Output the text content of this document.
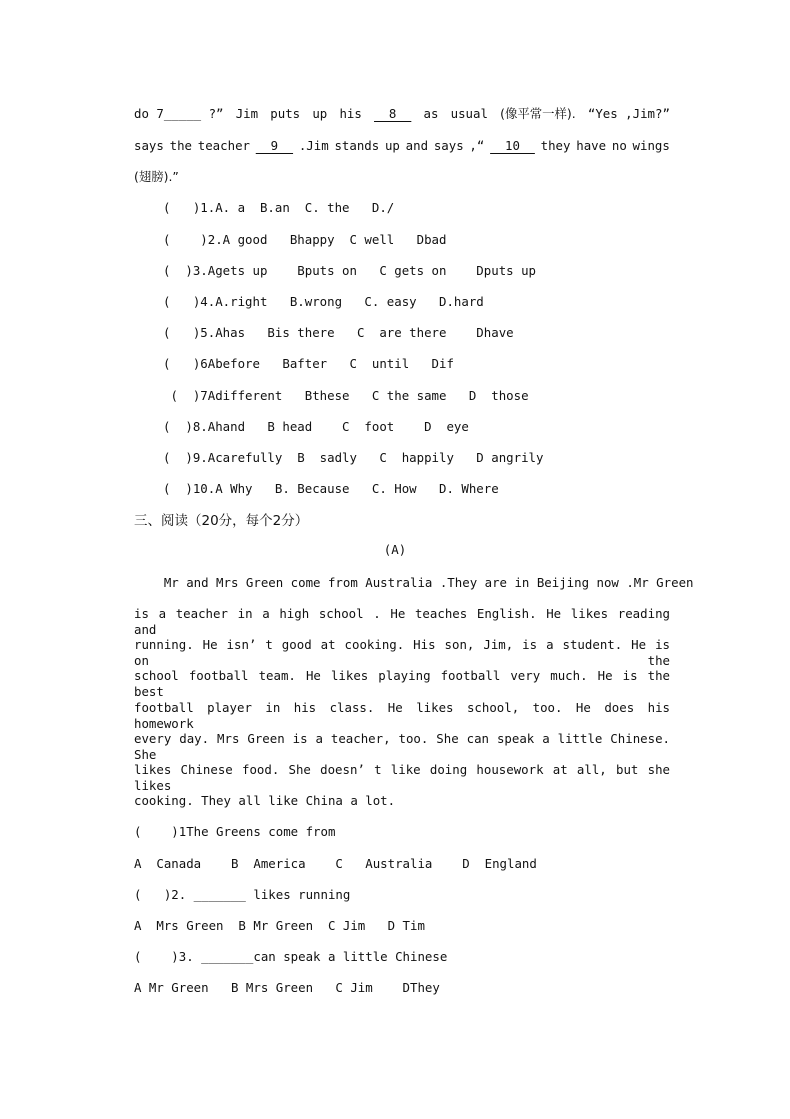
do 7_____ ?” Jim puts up his 8 as usual (像平常一样). “Yes ,Jim?”
says the teacher 9 .Jim stands up and says ,“ 10 they have no wings
(翅膀).”
(   )1.A. a  B.an  C. the   D./
(    )2.A good   Bhappy  C well   Dbad
(  )3.Agets up    Bputs on   C gets on    Dputs up
(   )4.A.right   B.wrong   C. easy   D.hard
(   )5.Ahas   Bis there   C  are there    Dhave
(   )6Abefore   Bafter   C  until   Dif
(  )7Adifferent   Bthese   C the same   D  those
(  )8.Ahand   B head    C  foot    D  eye
(  )9.Acarefully  B  sadly   C  happily   D angrily
(  )10.A Why   B. Because   C. How   D. Where
三、阅读（20分，每个2分）
(A)
Mr and Mrs Green come from Australia .They are in Beijing now .Mr Green
is a teacher in a high school . He teaches English. He likes reading and
running. He isn’ t good at cooking. His son, Jim, is a student. He is on the
school football team. He likes playing football very much. He is the best
football player in his class. He likes school, too. He does his homework
every day. Mrs Green is a teacher, too. She can speak a little Chinese. She
likes Chinese food. She doesn’ t like doing housework at all, but she likes
cooking. They all like China a lot.
(    )1The Greens come from
A  Canada    B  America    C   Australia    D  England
(   )2. _______ likes running
A  Mrs Green  B Mr Green  C Jim   D Tim
(    )3. _______can speak a little Chinese
A Mr Green   B Mrs Green   C Jim    DThey
